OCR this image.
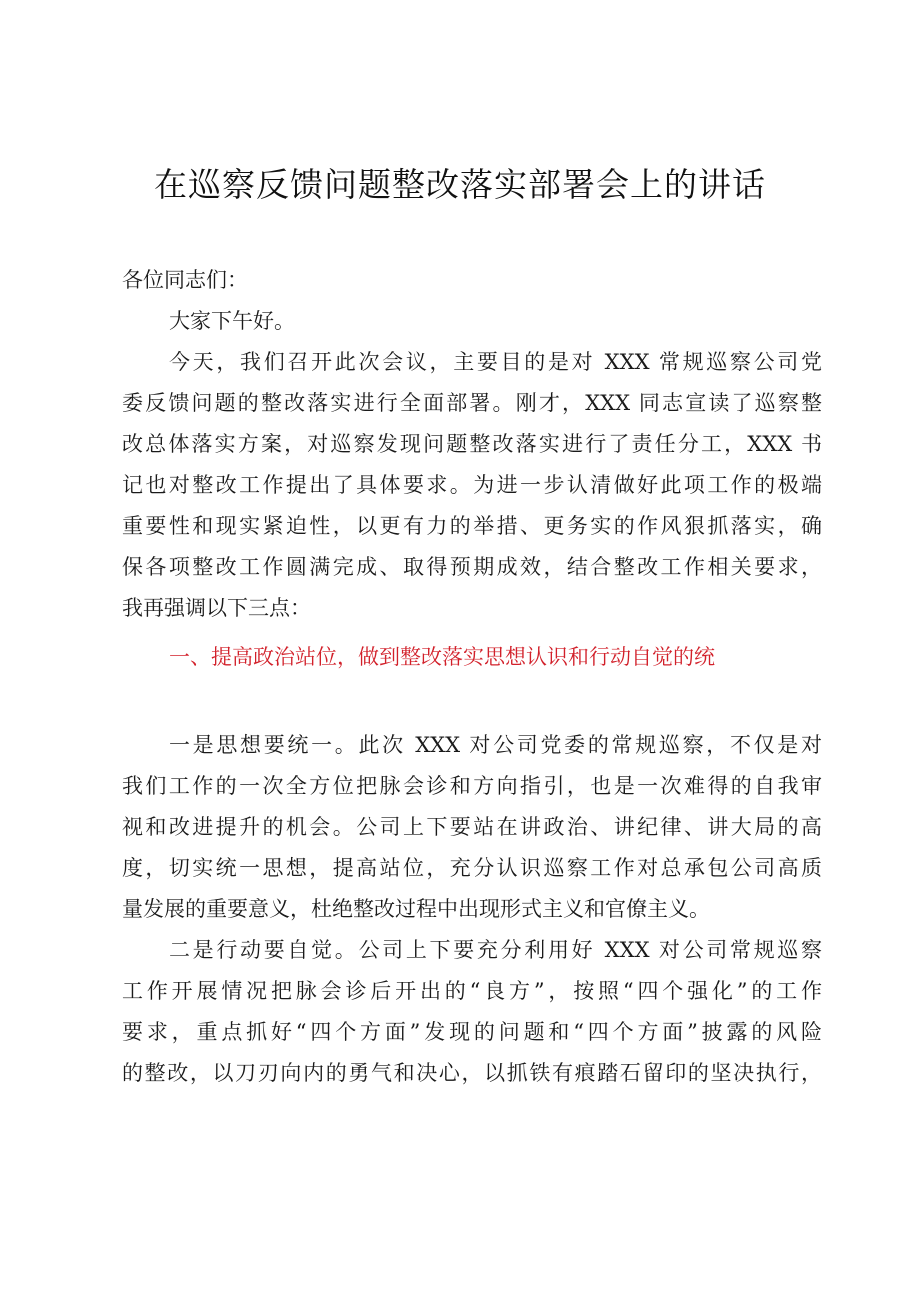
在巡察反馈问题整改落实部署会上的讲话

各位同志们：

大家下午好。

今天，我们召开此次会议，主要目的是对 XXX 常规巡察公司党
委反馈问题的整改落实进行全面部署。刚才，XXX 同志宣读了巡察整
改总体落实方案，对巡察发现问题整改落实进行了责任分工，XXX 书
记也对整改工作提出了具体要求。为进一步认清做好此项工作的极端
重要性和现实紧迫性，以更有力的举措、更务实的作风狠抓落实，确
保各项整改工作圆满完成、取得预期成效，结合整改工作相关要求，

我再强调以下三点：

一、提高政治站位，做到整改落实思想认识和行动自觉的统

一是思想要统一。此次 XXX 对公司党委的常规巡察，不仅是对
我们工作的一次全方位把脉会诊和方向指引，也是一次难得的自我审
视和改进提升的机会。公司上下要站在讲政治、讲纪律、讲大局的高
度，切实统一思想，提高站位，充分认识巡察工作对总承包公司高质

量发展的重要意义，杜绝整改过程中出现形式主义和官僚主义。

二是行动要自觉。公司上下要充分利用好 XXX 对公司常规巡察
工作开展情况把脉会诊后开出的“良方”，按照“四个强化”的工作
要求，重点抓好“四个方面”发现的问题和“四个方面”披露的风险
的整改，以刀刃向内的勇气和决心，以抓铁有痕踏石留印的坚决执行，
